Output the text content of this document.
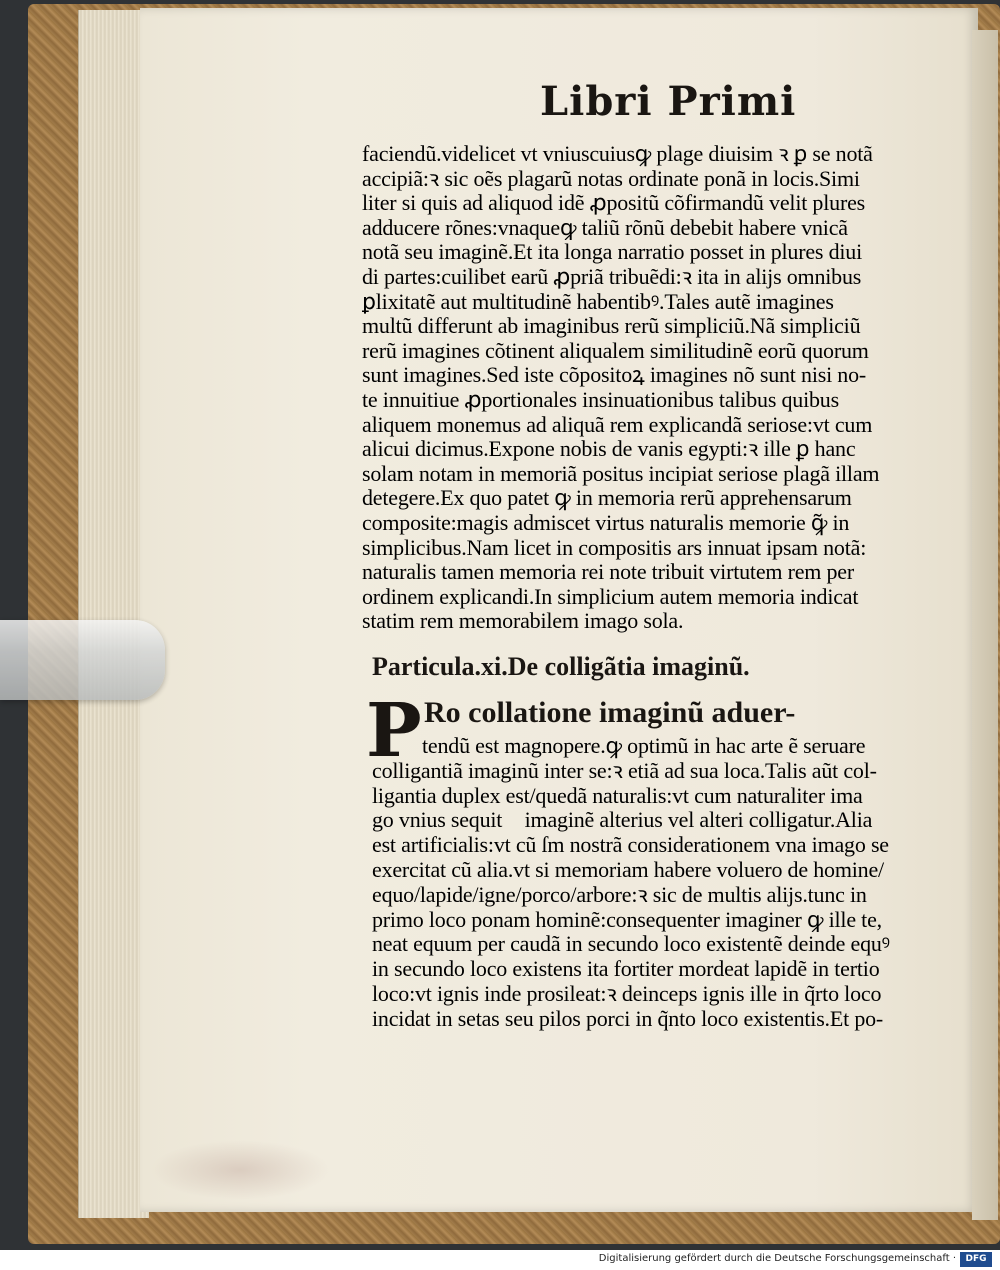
Libri Primi
faciendũ.videlicet vt vniuscuiusꝙ plage diuisim ꝛ ꝑ se notã
accipiã:ꝛ sic oẽs plagarũ notas ordinate ponã in locis.Simi
liter si quis ad aliquod idẽ ꝓpositũ cõfirmandũ velit plures
adducere rõnes:vnaqueꝙ taliũ rõnũ debebit habere vnicã
notã seu imaginẽ.Et ita longa narratio posset in plures diui
di partes:cuilibet earũ ꝓpriã tribuẽdi:ꝛ ita in alijs omnibus
ꝑlixitatẽ aut multitudinẽ habentibꝰ.Tales autẽ imagines
multũ differunt ab imaginibus rerũ simpliciũ.Nã simpliciũ
rerũ imagines cõtinent aliqualem similitudinẽ eorũ quorum
sunt imagines.Sed iste cõpositoꝝ imagines nõ sunt nisi no-
te innuitiue ꝓportionales insinuationibus talibus quibus
aliquem monemus ad aliquã rem explicandã seriose:vt cum
alicui dicimus.Expone nobis de vanis egypti:ꝛ ille ꝑ hanc
solam notam in memoriã positus incipiat seriose plagã illam
detegere.Ex quo patet ꝙ in memoria rerũ apprehensarum
composite:magis admiscet virtus naturalis memorie ꝙ̃ in
simplicibus.Nam licet in compositis ars innuat ipsam notã:
naturalis tamen memoria rei note tribuit virtutem rem per
ordinem explicandi.In simplicium autem memoria indicat
statim rem memorabilem imago sola.
Particula.xi.De colligãtia imaginũ.
P Ro collatione imaginũ aduer-
tendũ est magnopere.ꝙ optimũ in hac arte ẽ seruare
colligantiã imaginũ inter se:ꝛ etiã ad sua loca.Talis aũt col-
ligantia duplex est/quedã naturalis:vt cum naturaliter ima
go vnius sequit᷑ imaginẽ alterius vel alteri colligatur.Alia
est artificialis:vt cũ ſm nostrã considerationem vna imago se
exercitat cũ alia.vt si memoriam habere voluero de homine/
equo/lapide/igne/porco/arbore:ꝛ sic de multis alijs.tunc in
primo loco ponam hominẽ:consequenter imaginer ꝙ ille te,
neat equum per caudã in secundo loco existentẽ deinde equꝰ
in secundo loco existens ita fortiter mordeat lapidẽ in tertio
loco:vt ignis inde prosileat:ꝛ deinceps ignis ille in q̃rto loco
incidat in setas seu pilos porci in q̃nto loco existentis.Et po-
Digitalisierung gefördert durch die Deutsche Forschungsgemeinschaft ·	DFG
